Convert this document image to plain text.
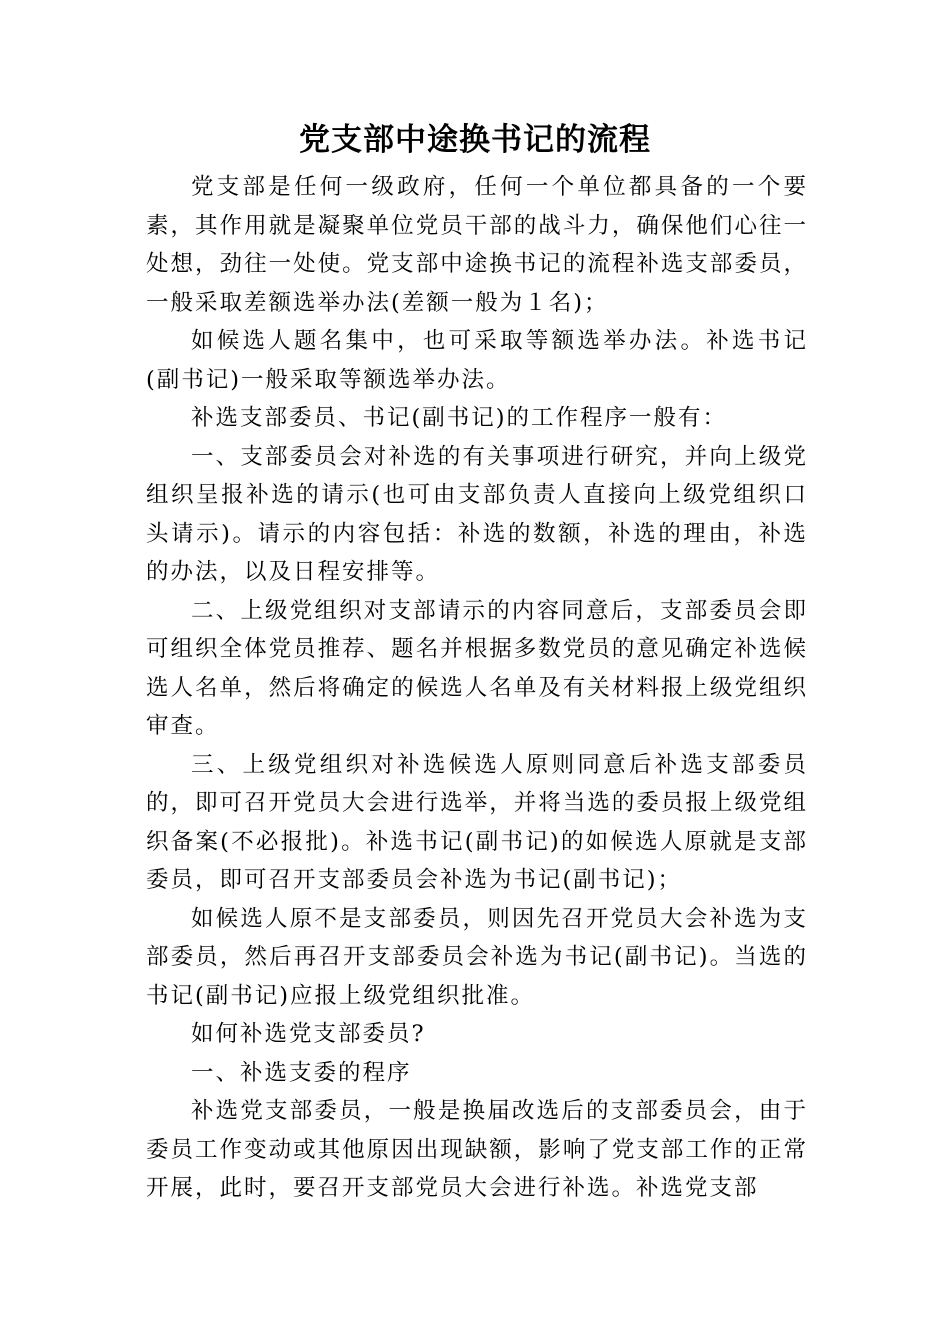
党支部中途换书记的流程

党支部是任何一级政府，任何一个单位都具备的一个要素，其作用就是凝聚单位党员干部的战斗力，确保他们心往一处想，劲往一处使。党支部中途换书记的流程补选支部委员，一般采取差额选举办法(差额一般为１名)；

如候选人题名集中，也可采取等额选举办法。补选书记(副书记)一般采取等额选举办法。

补选支部委员、书记(副书记)的工作程序一般有：

一、支部委员会对补选的有关事项进行研究，并向上级党组织呈报补选的请示(也可由支部负责人直接向上级党组织口头请示)。请示的内容包括：补选的数额，补选的理由，补选的办法，以及日程安排等。

二、上级党组织对支部请示的内容同意后，支部委员会即可组织全体党员推荐、题名并根据多数党员的意见确定补选候选人名单，然后将确定的候选人名单及有关材料报上级党组织审查。

三、上级党组织对补选候选人原则同意后补选支部委员的，即可召开党员大会进行选举，并将当选的委员报上级党组织备案(不必报批)。补选书记(副书记)的如候选人原就是支部委员，即可召开支部委员会补选为书记(副书记)；

如候选人原不是支部委员，则因先召开党员大会补选为支部委员，然后再召开支部委员会补选为书记(副书记)。当选的书记(副书记)应报上级党组织批准。

如何补选党支部委员?

一、补选支委的程序

补选党支部委员，一般是换届改选后的支部委员会，由于委员工作变动或其他原因出现缺额，影响了党支部工作的正常开展，此时，要召开支部党员大会进行补选。补选党支部
